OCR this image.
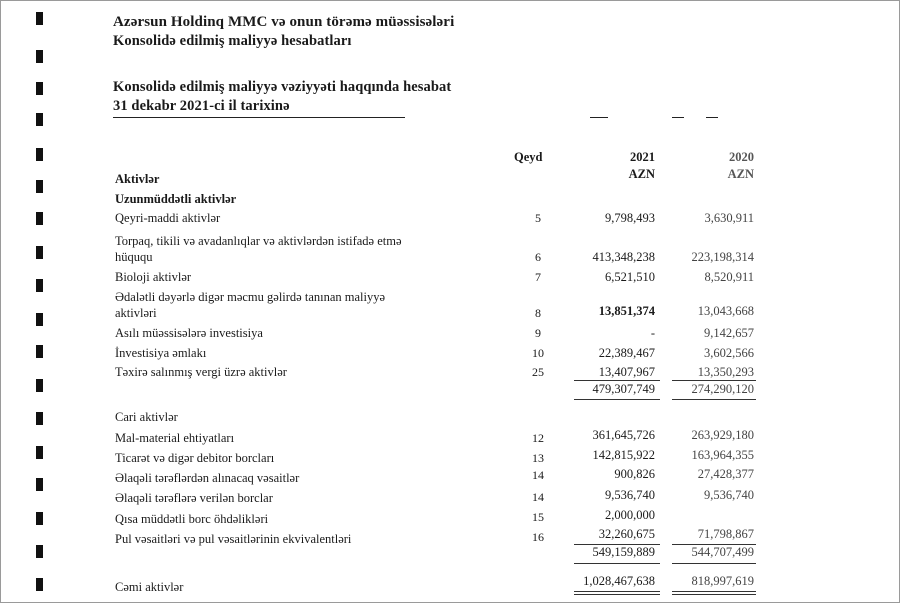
Azərsun Holdinq MMC və onun törəmə müəssisələri
Konsolidə edilmiş maliyyə hesabatları
Konsolidə edilmiş maliyyə vəziyyəti haqqında hesabat
31 dekabr 2021-ci il tarixinə
Qeyd	2021	2020
AZN	AZN
Aktivlər
Uzunmüddətli aktivlər
Qeyri-maddi aktivlər	5	9,798,493	3,630,911
Torpaq, tikili və avadanlıqlar və aktivlərdən istifadə etmə
hüququ	6	413,348,238	223,198,314
Bioloji aktivlər	7	6,521,510	8,520,911
Ədalətli dəyərlə digər məcmu gəlirdə tanınan maliyyə
aktivləri	8	13,851,374	13,043,668
Asılı müəssisələrə investisiya	9	-	9,142,657
İnvestisiya əmlakı	10	22,389,467	3,602,566
Təxirə salınmış vergi üzrə aktivlər	25	13,407,967	13,350,293
479,307,749	274,290,120
Cari aktivlər
Mal-material ehtiyatları	12	361,645,726	263,929,180
Ticarət və digər debitor borcları	13	142,815,922	163,964,355
Əlaqəli tərəflərdən alınacaq vəsaitlər	14	900,826	27,428,377
Əlaqəli tərəflərə verilən borclar	14	9,536,740	9,536,740
Qısa müddətli borc öhdəlikləri	15	2,000,000
Pul vəsaitləri və pul vəsaitlərinin ekvivalentləri	16	32,260,675	71,798,867
549,159,889	544,707,499
Cəmi aktivlər	1,028,467,638	818,997,619
